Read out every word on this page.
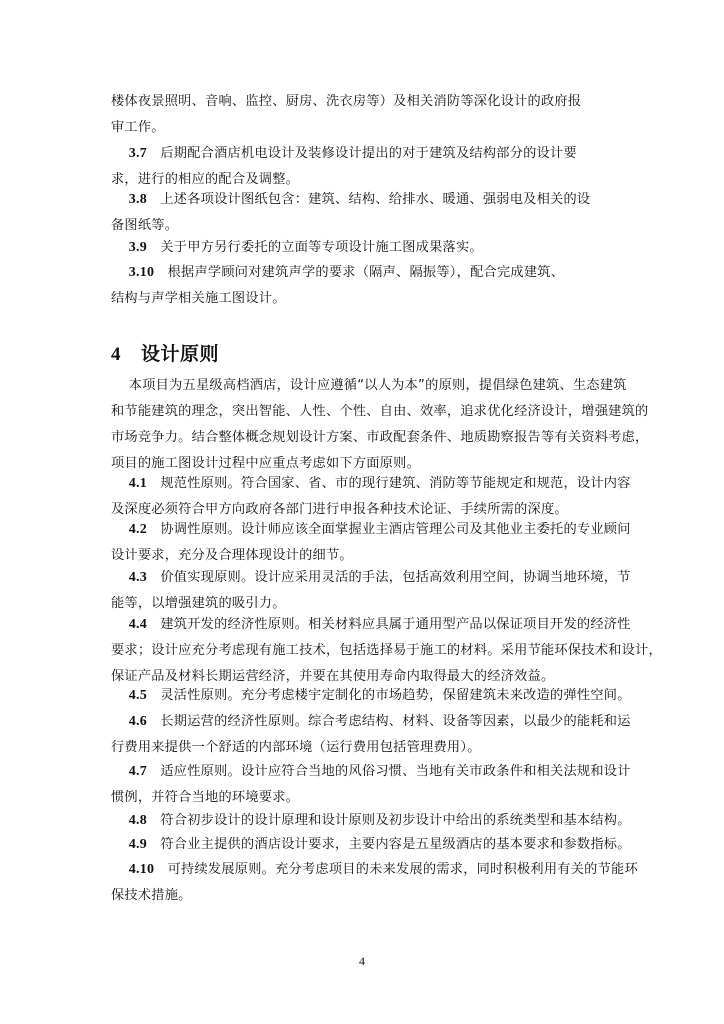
楼体夜景照明、音响、监控、厨房、洗衣房等）及相关消防等深化设计的政府报
审工作。
3.7 后期配合酒店机电设计及装修设计提出的对于建筑及结构部分的设计要
求，进行的相应的配合及调整。
3.8 上述各项设计图纸包含：建筑、结构、给排水、暖通、强弱电及相关的设
备图纸等。
3.9 关于甲方另行委托的立面等专项设计施工图成果落实。
3.10 根据声学顾问对建筑声学的要求（隔声、隔振等），配合完成建筑、
结构与声学相关施工图设计。
4 设计原则
本项目为五星级高档酒店，设计应遵循“以人为本”的原则，提倡绿色建筑、生态建筑
和节能建筑的理念，突出智能、人性、个性、自由、效率，追求优化经济设计，增强建筑的
市场竞争力。结合整体概念规划设计方案、市政配套条件、地质勘察报告等有关资料考虑，
项目的施工图设计过程中应重点考虑如下方面原则。
4.1 规范性原则。符合国家、省、市的现行建筑、消防等节能规定和规范，设计内容
及深度必须符合甲方向政府各部门进行申报各种技术论证、手续所需的深度。
4.2 协调性原则。设计师应该全面掌握业主酒店管理公司及其他业主委托的专业顾问
设计要求，充分及合理体现设计的细节。
4.3 价值实现原则。设计应采用灵活的手法，包括高效利用空间，协调当地环境，节
能等，以增强建筑的吸引力。
4.4 建筑开发的经济性原则。相关材料应具属于通用型产品以保证项目开发的经济性
要求；设计应充分考虑现有施工技术，包括选择易于施工的材料。采用节能环保技术和设计，
保证产品及材料长期运营经济，并要在其使用寿命内取得最大的经济效益。
4.5 灵活性原则。充分考虑楼宇定制化的市场趋势，保留建筑未来改造的弹性空间。
4.6 长期运营的经济性原则。综合考虑结构、材料、设备等因素，以最少的能耗和运
行费用来提供一个舒适的内部环境（运行费用包括管理费用）。
4.7 适应性原则。设计应符合当地的风俗习惯、当地有关市政条件和相关法规和设计
惯例，并符合当地的环境要求。
4.8 符合初步设计的设计原理和设计原则及初步设计中给出的系统类型和基本结构。
4.9 符合业主提供的酒店设计要求，主要内容是五星级酒店的基本要求和参数指标。
4.10 可持续发展原则。充分考虑项目的未来发展的需求，同时积极利用有关的节能环
保技术措施。
4
